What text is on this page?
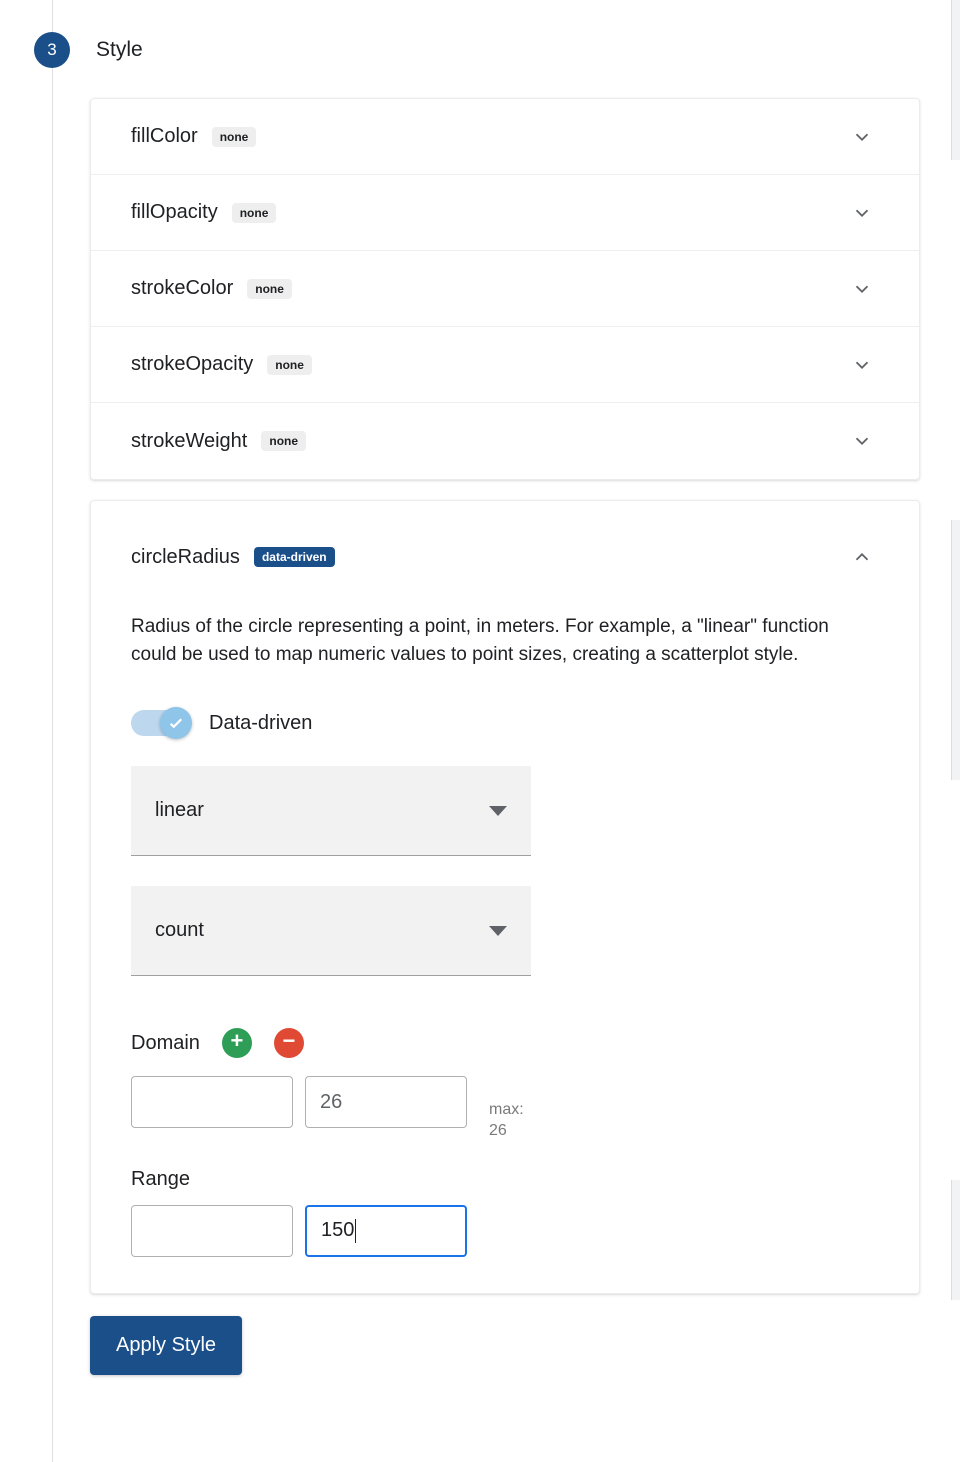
3	Style
fillColor	none
fillOpacity	none
strokeColor	none
strokeOpacity	none
strokeWeight	none
circleRadius	data-driven

Radius of the circle representing a point, in meters. For example, a "linear" function could be used to map numeric values to point sizes, creating a scatterplot style.

Data-driven
linear
count
Domain + −
26	max:
26
Range
150
Apply Style
